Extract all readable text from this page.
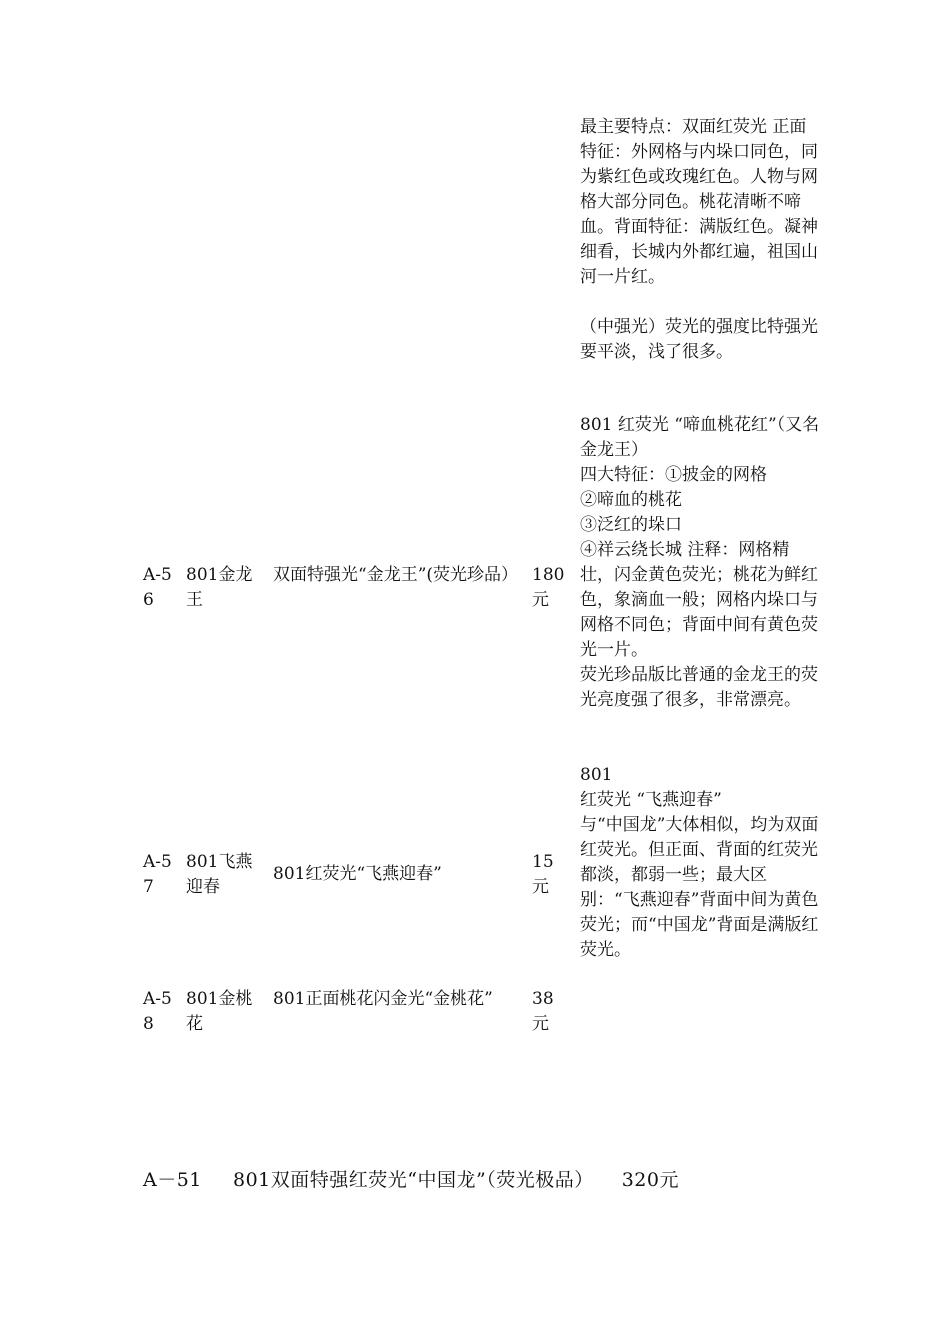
最主要特点：双面红荧光 正面特征：外网格与内垛口同色，同为紫红色或玫瑰红色。人物与网格大部分同色。桃花清晰不啼血。背面特征：满版红色。凝神细看，长城内外都红遍，祖国山河一片红。

（中强光）荧光的强度比特强光要平淡，浅了很多。

A-56
801金龙王
双面特强光“金龙王”(荧光珍品） 180元
801 红荧光 “啼血桃花红”（又名金龙王）
四大特征：①披金的网格
②啼血的桃花
③泛红的垛口
④祥云绕长城 注释：网格精壮，闪金黄色荧光；桃花为鲜红色，象滴血一般；网格内垛口与网格不同色；背面中间有黄色荧光一片。
荧光珍品版比普通的金龙王的荧光亮度强了很多，非常漂亮。
A-57
801飞燕迎春
801红荧光“飞燕迎春”
15元
801
红荧光 “飞燕迎春”
与“中国龙”大体相似，均为双面红荧光。但正面、背面的红荧光都淡，都弱一些；最大区别：“飞燕迎春”背面中间为黄色荧光；而“中国龙”背面是满版红荧光。
A-58
801金桃花
801正面桃花闪金光“金桃花”	38元
A－51 801双面特强红荧光“中国龙”（荧光极品） 320元
